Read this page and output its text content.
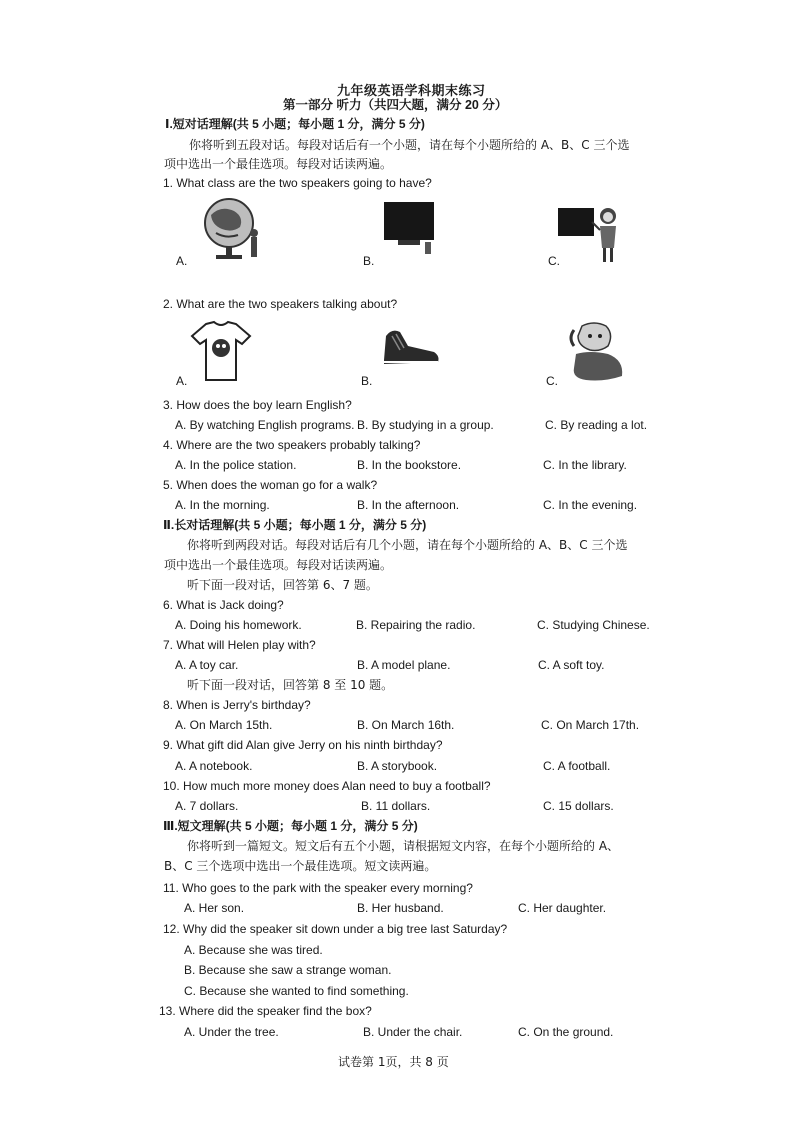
九年级英语学科期末练习
第一部分 听力（共四大题，满分 20 分）
Ⅰ.短对话理解(共 5 小题；每小题 1 分，满分 5 分)
你将听到五段对话。每段对话后有一个小题，请在每个小题所给的 A、B、C 三个选
项中选出一个最佳选项。每段对话读两遍。
1. What class are the two speakers going to have?
A.	B.	C.
2. What are the two speakers talking about?
A.	B.	C.
3. How does the boy learn English?
A. By watching English programs. B. By studying in a group.	C. By reading a lot.
4. Where are the two speakers probably talking?
A. In the police station.	B. In the bookstore.	C. In the library.
5. When does the woman go for a walk?
A. In the morning.	B. In the afternoon.	C. In the evening.
Ⅱ.长对话理解(共 5 小题；每小题 1 分，满分 5 分)
你将听到两段对话。每段对话后有几个小题，请在每个小题所给的 A、B、C 三个选
项中选出一个最佳选项。每段对话读两遍。
听下面一段对话，回答第 6、7 题。
6. What is Jack doing?
A. Doing his homework.	B. Repairing the radio.	C. Studying Chinese.
7. What will Helen play with?
A. A toy car.	B. A model plane.	C. A soft toy.
听下面一段对话，回答第 8 至 10 题。
8. When is Jerry's birthday?
A. On March 15th.	B. On March 16th.	C. On March 17th.
9. What gift did Alan give Jerry on his ninth birthday?
A. A notebook.	B. A storybook.	C. A football.
10. How much more money does Alan need to buy a football?
A. 7 dollars.	B. 11 dollars.	C. 15 dollars.
Ⅲ.短文理解(共 5 小题；每小题 1 分，满分 5 分)
你将听到一篇短文。短文后有五个小题，请根据短文内容，在每个小题所给的 A、
B、C 三个选项中选出一个最佳选项。短文读两遍。
11. Who goes to the park with the speaker every morning?
A. Her son.	B. Her husband.	C. Her daughter.
12. Why did the speaker sit down under a big tree last Saturday?
A. Because she was tired.
B. Because she saw a strange woman.
C. Because she wanted to find something.
13. Where did the speaker find the box?
A. Under the tree.	B. Under the chair.	C. On the ground.
试卷第 1页，共 8 页
